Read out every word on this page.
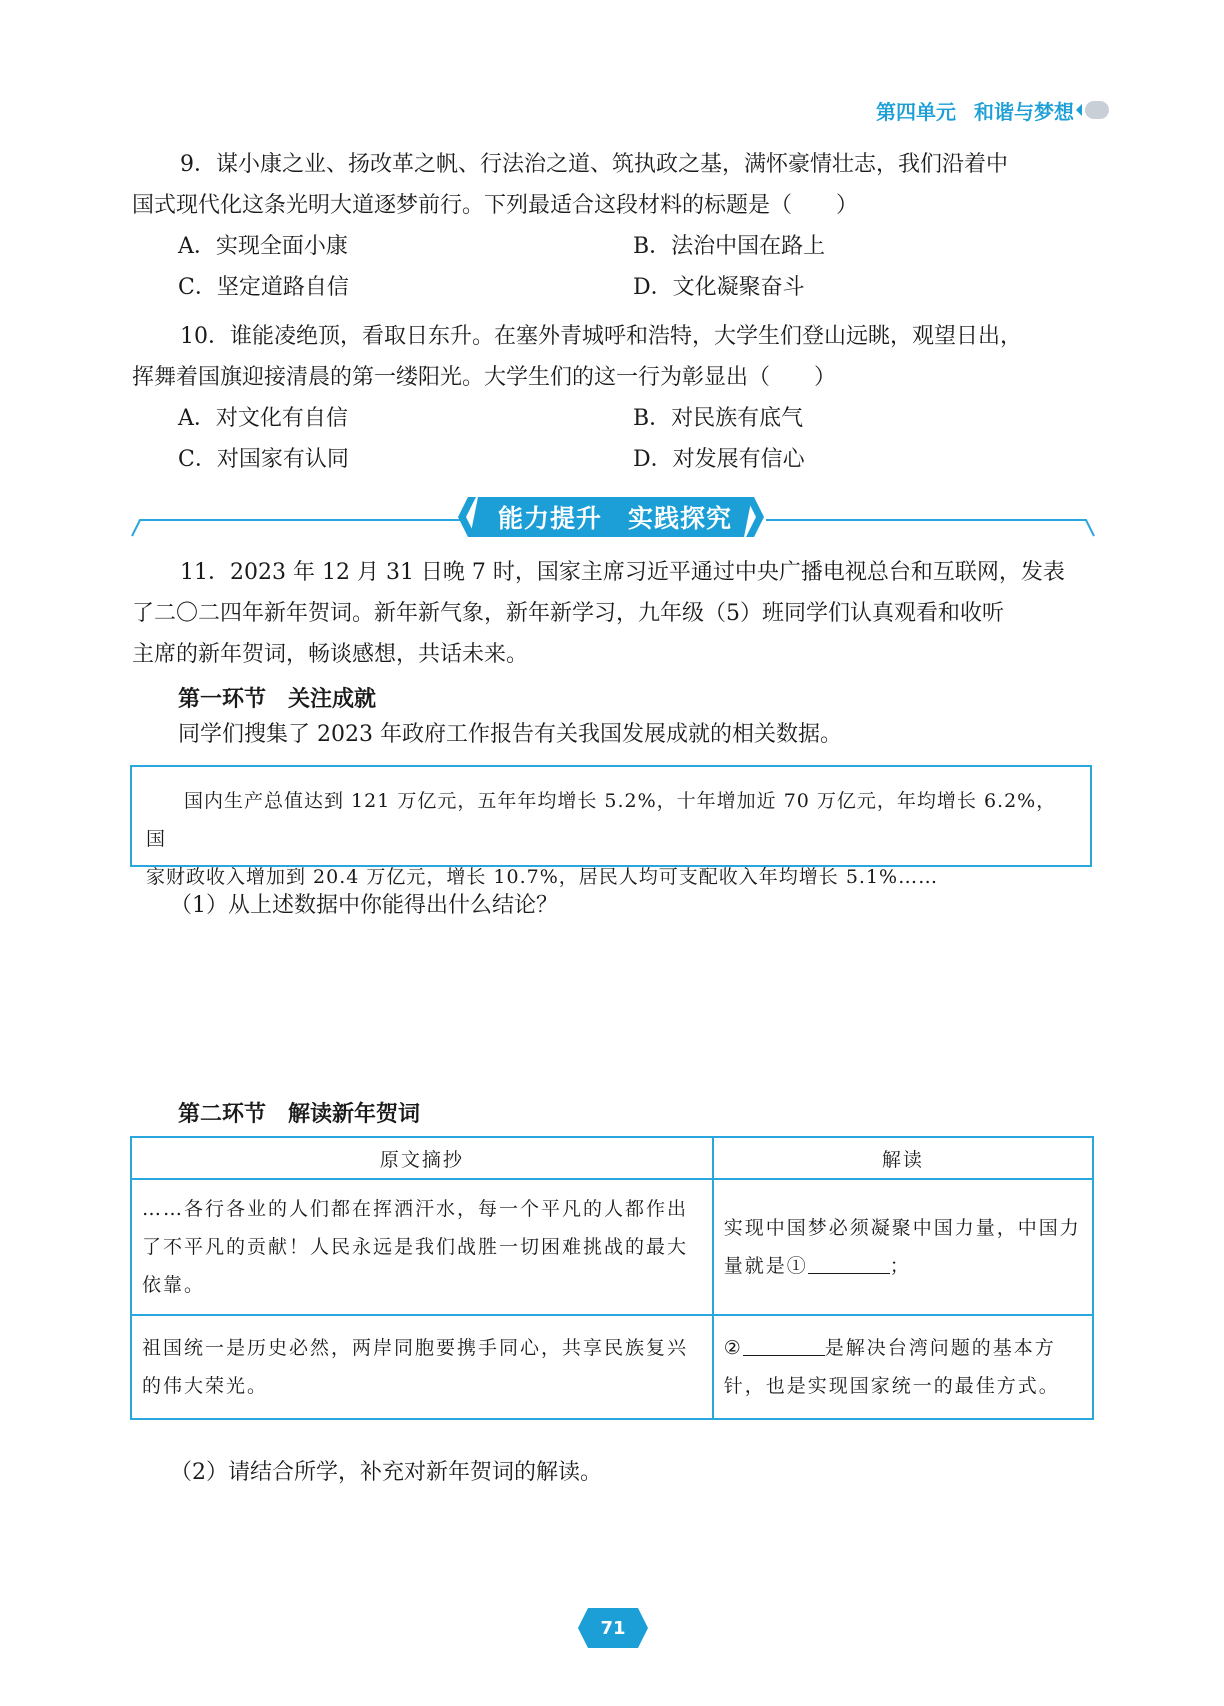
第四单元 和谐与梦想

9．谋小康之业、扬改革之帆、行法治之道、筑执政之基，满怀豪情壮志，我们沿着中

国式现代化这条光明大道逐梦前行。下列最适合这段材料的标题是（　　）

A．实现全面小康	B．法治中国在路上
C．坚定道路自信	D．文化凝聚奋斗

10．谁能凌绝顶，看取日东升。在塞外青城呼和浩特，大学生们登山远眺，观望日出，

挥舞着国旗迎接清晨的第一缕阳光。大学生们的这一行为彰显出（　　）

A．对文化有自信	B．对民族有底气
C．对国家有认同	D．对发展有信心
能力提升　实践探究

11．2023 年 12 月 31 日晚 7 时，国家主席习近平通过中央广播电视总台和互联网，发表

了二〇二四年新年贺词。新年新气象，新年新学习，九年级（5）班同学们认真观看和收听

主席的新年贺词，畅谈感想，共话未来。

第一环节　关注成就
同学们搜集了 2023 年政府工作报告有关我国发展成就的相关数据。
国内生产总值达到 121 万亿元，五年年均增长 5.2%，十年增加近 70 万亿元，年均增长 6.2%，国
家财政收入增加到 20.4 万亿元，增长 10.7%，居民人均可支配收入年均增长 5.1%……
（1）从上述数据中你能得出什么结论？
第二环节　解读新年贺词
原文摘抄	解读
……各行各业的人们都在挥洒汗水，每一个平凡的人都作出了不平凡的贡献！人民永远是我们战胜一切困难挑战的最大依靠。	实现中国梦必须凝聚中国力量，中国力量就是① ；
祖国统一是历史必然，两岸同胞要携手同心，共享民族复兴的伟大荣光。	② 是解决台湾问题的基本方针，也是实现国家统一的最佳方式。
（2）请结合所学，补充对新年贺词的解读。
71
